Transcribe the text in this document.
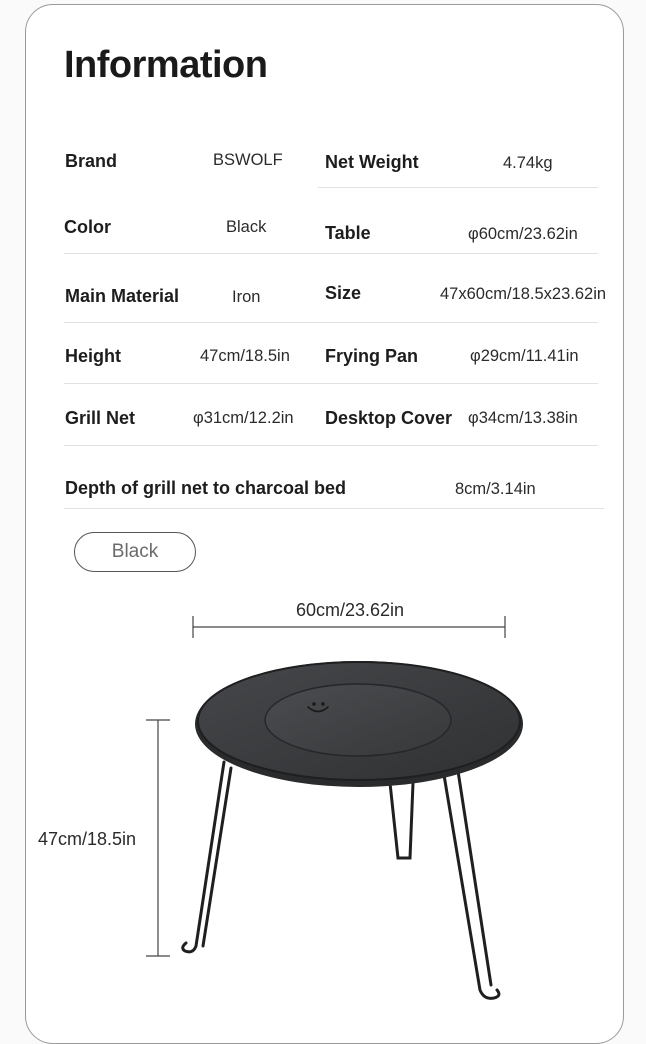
Information
Brand	BSWOLF Net Weight	4.74kg
Color	Black	Table	φ60cm/23.62in
Main Material	Iron	Size	47x60cm/18.5x23.62in
Height	47cm/18.5in Frying Pan	φ29cm/11.41in
Grill Net	φ31cm/12.2in Desktop Cover φ34cm/13.38in
Depth of grill net to charcoal bed	8cm/3.14in
Black
60cm/23.62in
47cm/18.5in
